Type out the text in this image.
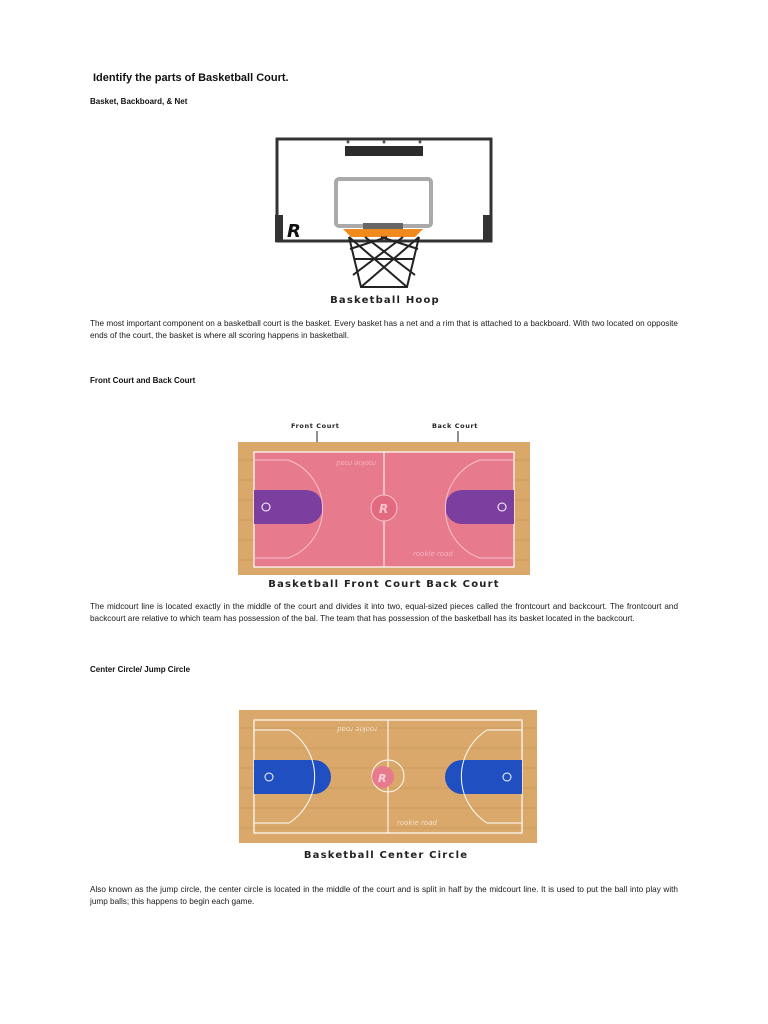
Identify the parts of Basketball Court.
Basket, Backboard, & Net
R
Basketball Hoop
The most important component on a basketball court is the basket. Every basket has a net and a rim that is attached to a backboard. With two located on opposite ends of the court, the basket is where all scoring happens in basketball.
Front Court and Back Court
Front Court	Back Court
R
rookie road
rookie road
Basketball Front Court Back Court
The midcourt line is located exactly in the middle of the court and divides it into two, equal-sized pieces called the frontcourt and backcourt. The frontcourt and backcourt are relative to which team has possession of the bal. The team that has possession of the basketball has its basket located in the backcourt.
Center Circle/ Jump Circle
R
rookie road
rookie road
Basketball Center Circle
Also known as the jump circle, the center circle is located in the middle of the court and is split in half by the midcourt line. It is used to put the ball into play with jump balls; this happens to begin each game.
